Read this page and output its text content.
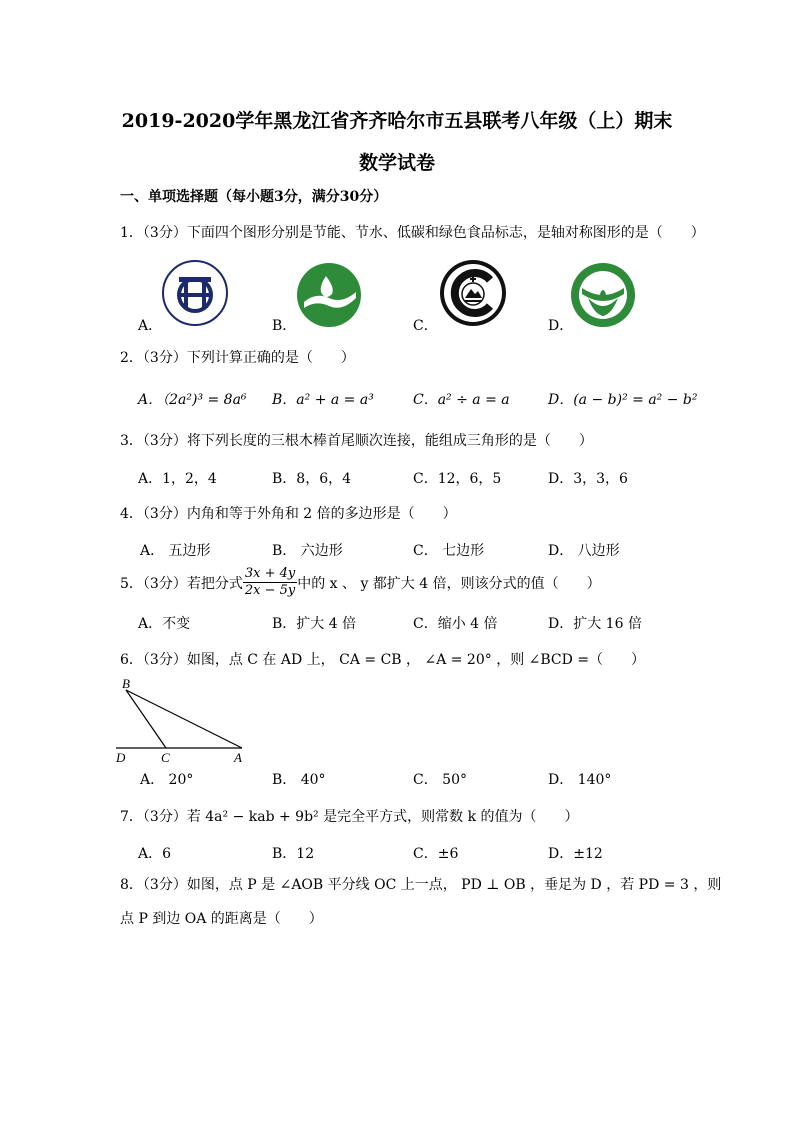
2019-2020学年黑龙江省齐齐哈尔市五县联考八年级（上）期末
数学试卷
一、单项选择题（每小题3分，满分30分）
1．（3分）下面四个图形分别是节能、节水、低碳和绿色食品标志，是轴对称图形的是（　　）
A．	B．	C．	D．
2．（3分）下列计算正确的是（　　）
A．（2a²)³ = 8a⁶ B．a² + a = a³	C．a² ÷ a = a	D．(a − b)² = a² − b²
3．（3分）将下列长度的三根木棒首尾顺次连接，能组成三角形的是（　　）
A．1，2，4	B．8，6，4	C．12，6，5	D．3，3，6
4．（3分）内角和等于外角和 2 倍的多边形是（　　）
A． 五边形	B． 六边形	C． 七边形	D． 八边形
5．（3分）若把分式 $\frac{3x + 4y}{2x - 5y}$ 中的 x 、 y 都扩大 4 倍，则该分式的值（　　）
A．不变	B．扩大 4 倍	C．缩小 4 倍	D．扩大 16 倍
6．（3分）如图，点 C 在 AD 上， CA = CB ， ∠A = 20° ，则 ∠BCD =（　　）
B
D	C	A
A． 20°	B． 40°	C． 50°	D． 140°
7．（3分）若 4a² − kab + 9b² 是完全平方式，则常数 k 的值为（　　）
A．6	B．12	C．±6	D．±12
8．（3分）如图，点 P 是 ∠AOB 平分线 OC 上一点， PD ⊥ OB ，垂足为 D ，若 PD = 3 ，则
点 P 到边 OA 的距离是（　　）
